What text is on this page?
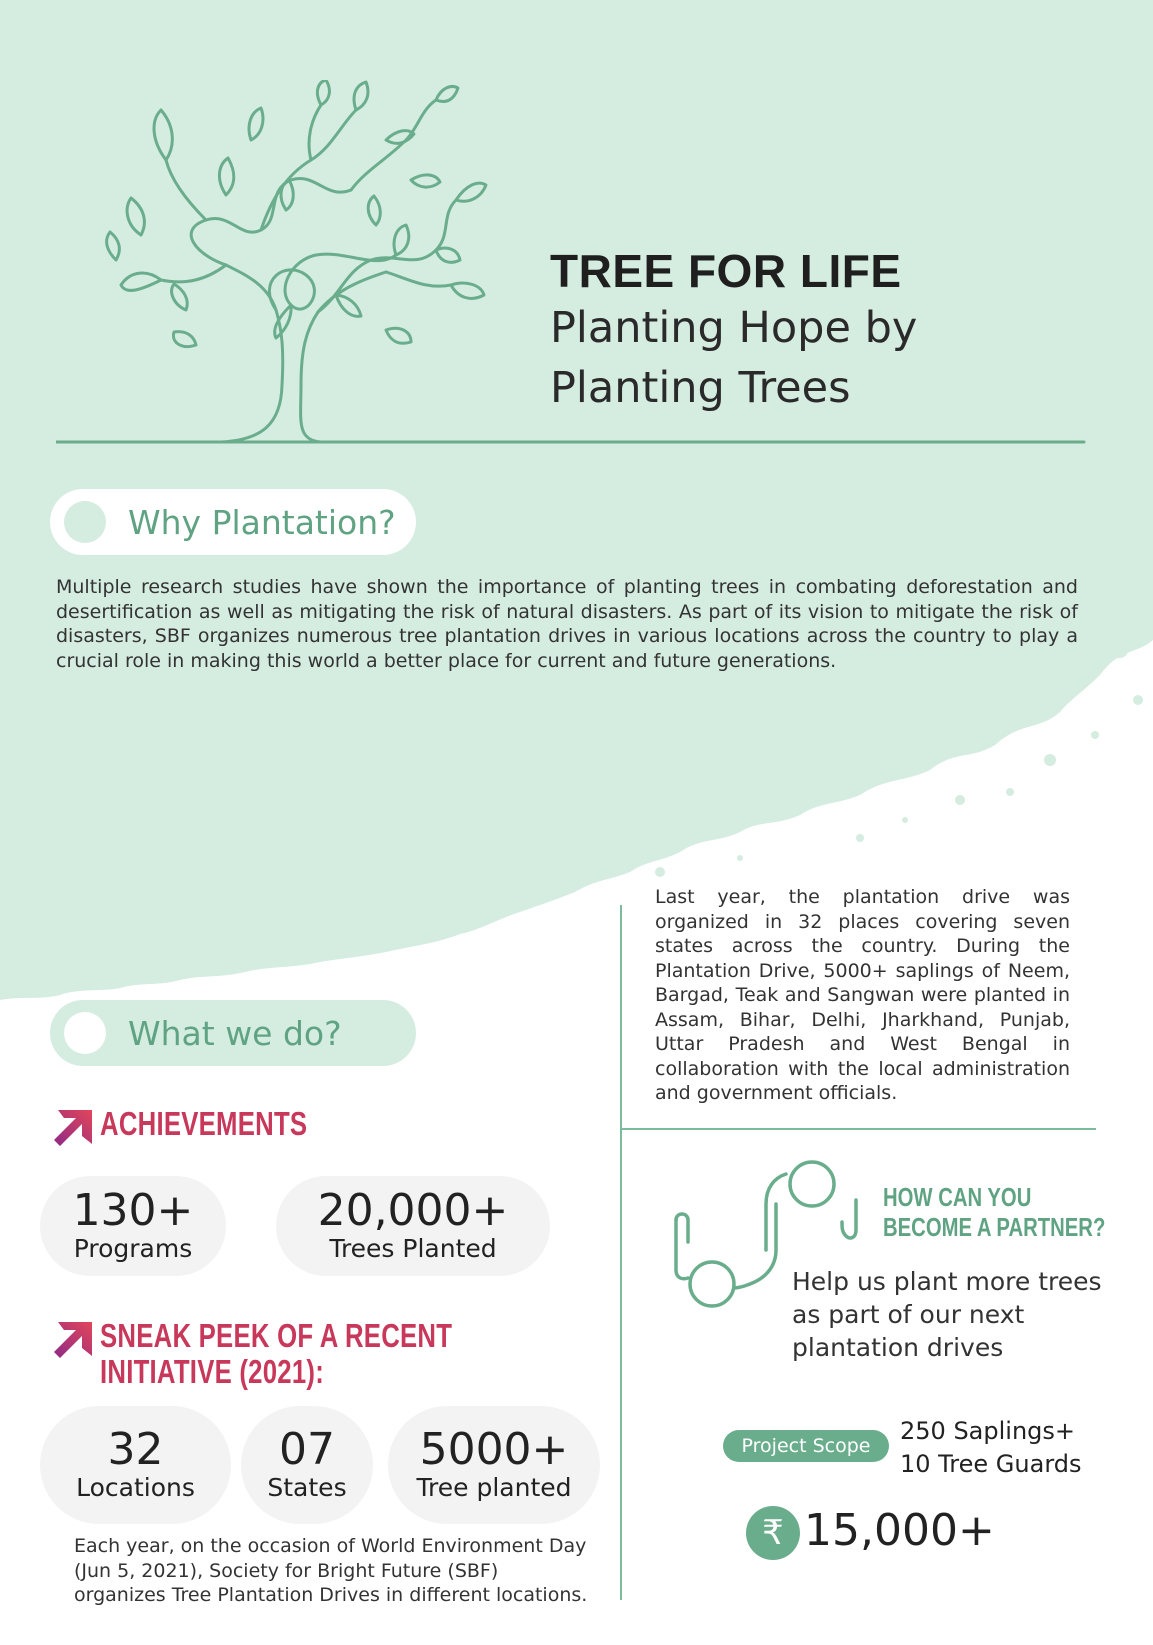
TREE FOR LIFE
Planting Hope by
Planting Trees
Why Plantation?

Multiple research studies have shown the importance of planting trees in combating deforestation and desertification as well as mitigating the risk of natural disasters. As part of its vision to mitigate the risk of disasters, SBF organizes numerous tree plantation drives in various locations across the country to play a crucial role in making this world a better place for current and future generations.

Last year, the plantation drive was organized in 32 places covering seven states across the country. During the Plantation Drive, 5000+ saplings of Neem, Bargad, Teak and Sangwan were planted in Assam, Bihar, Delhi, Jharkhand, Punjab, Uttar Pradesh and West Bengal in collaboration with the local administration and government officials.

What we do?
ACHIEVEMENTS
130+
Programs
20,000+
Trees Planted
SNEAK PEEK OF A RECENT
INITIATIVE (2021):
32
Locations
07
States
5000+
Tree planted

Each year, on the occasion of World Environment Day (Jun 5, 2021), Society for Bright Future (SBF) organizes Tree Plantation Drives in different locations.

HOW CAN YOU
BECOME A PARTNER?

Help us plant more trees as part of our next plantation drives

Project Scope
250 Saplings+
10 Tree Guards
₹ 15,000+
